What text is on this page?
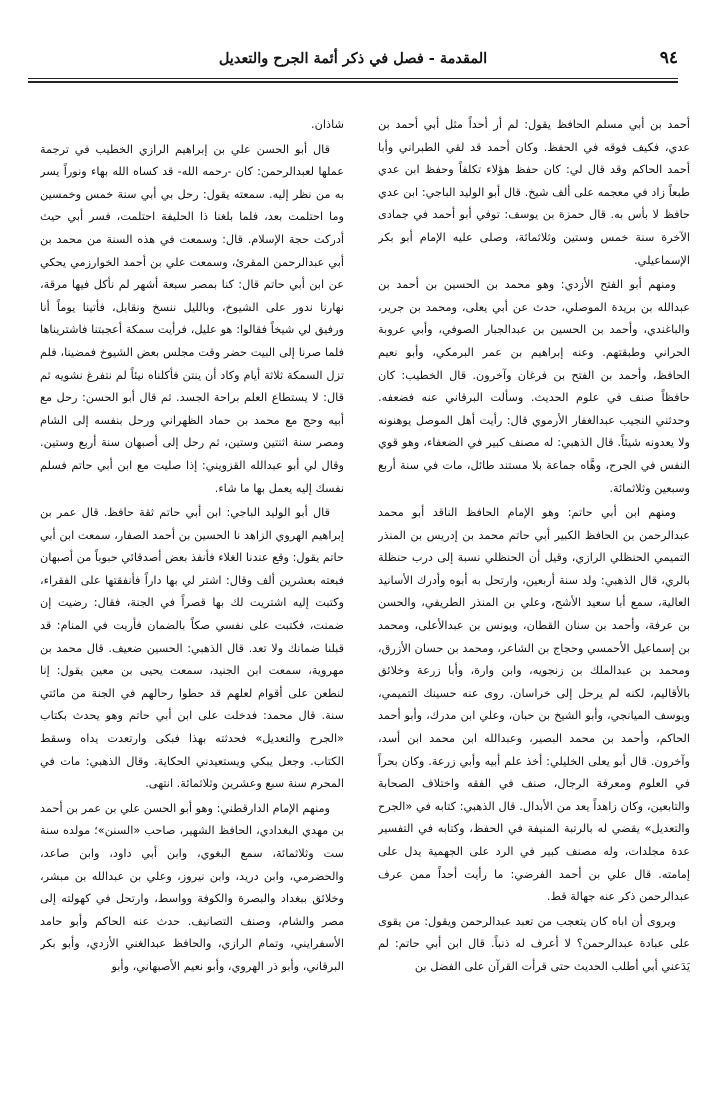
٩٤
المقدمة - فصل في ذكر أئمة الجرح والتعديل

أحمد بن أبي مسلم الحافظ يقول: لم أر أحداً مثل أبي أحمد بن عدي، فكيف فوقه في الحفظ. وكان أحمد قد لقي الطبراني وأبا أحمد الحاكم وقد قال لي: كان حفظ هؤلاء تكلفاً وحفظ ابن عدي طبعاً زاد في معجمه على ألف شيخ. قال أبو الوليد الباجي: ابن عدي حافظ لا بأس به. قال حمزة بن يوسف: توفي أبو أحمد في جمادى الآخرة سنة خمس وستين وثلاثمائة، وصلى عليه الإمام أبو بكر الإسماعيلي.

ومنهم أبو الفتح الأزدي: وهو محمد بن الحسين بن أحمد بن عبدالله بن بريدة الموصلي، حدث عن أبي يعلى، ومحمد بن جرير، والباغندي، وأحمد بن الحسين بن عبدالجبار الصوفي، وأبي عروبة الحراني وطبقتهم. وعنه إبراهيم بن عمر البرمكي، وأبو نعيم الحافظ، وأحمد بن الفتح بن فرغان وآخرون. قال الخطيب: كان حافظاً صنف في علوم الحديث. وسألت البرقاني عنه فضعفه. وحدثني النجيب عبدالغفار الأرموي قال: رأيت أهل الموصل يوهنونه ولا يعدونه شيئاً. قال الذهبي: له مصنف كبير في الضعفاء، وهو قوي النفس في الجرح، وهَّاه جماعة بلا مستند طائل، مات في سنة أربع وسبعين وثلاثمائة.

ومنهم ابن أبي حاتم: وهو الإمام الحافظ الناقد أبو محمد عبدالرحمن بن الحافظ الكبير أبي حاتم محمد بن إدريس بن المنذر التميمي الحنظلي الرازي، وقيل أن الحنظلي نسبة إلى درب حنظلة بالري، قال الذهبي: ولد سنة أربعين، وارتحل به أبوه وأدرك الأسانيد العالية، سمع أبا سعيد الأشج، وعلي بن المنذر الطريفي، والحسن بن عرفة، وأحمد بن سنان القطان، ويونس بن عبدالأعلى، ومحمد بن إسماعيل الأحمسي وحجاج بن الشاعر، ومحمد بن حسان الأزرق، ومحمد بن عبدالملك بن زنجويه، وابن وارة، وأبا زرعة وخلائق بالأقاليم، لكنه لم يرحل إلى خراسان. روى عنه حسينك التميمي، ويوسف الميانجي، وأبو الشيخ بن حبان، وعلي ابن مدرك، وأبو أحمد الحاكم، وأحمد بن محمد البصير، وعبدالله ابن محمد ابن أسد، وآخرون. قال أبو يعلى الخليلي: أخذ علم أبيه وأبي زرعة. وكان بحراً في العلوم ومعرفة الرجال، صنف في الفقه واختلاف الصحابة والتابعين، وكان زاهداً يعد من الأبدال. قال الذهبي: كتابه في «الجرح والتعديل» يقضي له بالرتبة المنيفة في الحفظ، وكتابه في التفسير عدة مجلدات، وله مصنف كبير في الرد على الجهمية يدل على إمامته. قال علي بن أحمد الفرضي: ما رأيت أحداً ممن عرف عبدالرحمن ذكر عنه جهالة قط.

ويروى أن اباه كان يتعجب من تعبد عبدالرحمن ويقول: من يقوى على عبادة عبدالرحمن؟ لا أعرف له ذنباً. قال ابن أبي حاتم: لم يَدَعني أبي أطلب الحديث حتى قرأت القرآن على الفضل بن

شاذان.

قال أبو الحسن علي بن إبراهيم الرازي الخطيب في ترجمة عملها لعبدالرحمن: كان -رحمه الله- قد كساه الله بهاء ونوراً يسر به من نظر إليه. سمعته يقول: رحل بي أبي سنة خمس وخمسين وما احتلمت بعد، فلما بلغنا ذا الحليفة احتلمت، فسر أبي حيث أدركت حجة الإسلام. قال: وسمعت في هذه السنة من محمد بن أبي عبدالرحمن المقرئ، وسمعت علي بن أحمد الخوارزمي يحكي عن ابن أبي حاتم قال: كنا بمصر سبعة أشهر لم نأكل فيها مرقة، نهارنا ندور على الشيوخ، وبالليل ننسخ ونقابل، فأتينا يوماً أنا ورفيق لي شيخاً فقالوا: هو عليل، فرأيت سمكة أعجبتنا فاشتريناها فلما صرنا إلى البيت حضر وقت مجلس بعض الشيوخ فمضينا، فلم تزل السمكة ثلاثة أيام وكاد أن ينتن فأكلناه نيئاً لم نتفرغ نشويه ثم قال: لا يستطاع العلم براحة الجسد. ثم قال أبو الحسن: رحل مع أبيه وحج مع محمد بن حماد الظهراني ورحل بنفسه إلى الشام ومصر سنة اثنتين وستين، ثم رحل إلى أصبهان سنة أربع وستين. وقال لي أبو عبدالله القزويني: إذا صليت مع ابن أبي حاتم فسلم نفسك إليه يعمل بها ما شاء.

قال أبو الوليد الباجي: ابن أبي حاتم ثقة حافظ. قال عمر بن إبراهيم الهروي الزاهد نا الحسين بن أحمد الصفار، سمعت ابن أبي حاتم يقول: وقع عندنا الغلاء فأنفذ بعض أصدقائي حبوباً من أصبهان فبعته بعشرين ألف وقال: اشتر لي بها داراً فأنفقتها على الفقراء، وكتبت إليه اشتريت لك بها قصراً في الجنة، فقال: رضيت إن ضمنت، فكتبت على نفسي صكاً بالضمان فأريت في المنام: قد قبلنا ضمانك ولا تعد. قال الذهبي: الحسين ضعيف. قال محمد بن مهروية، سمعت ابن الجنيد، سمعت يحيى بن معين يقول: إنا لنطعن على أقوام لعلهم قد حطوا رحالهم في الجنة من مائتي سنة. قال محمد: فدخلت على ابن أبي حاتم وهو يحدث بكتاب «الجرح والتعديل» فحدثته بهذا فبكى وارتعدت يداه وسقط الكتاب. وجعل يبكي ويستعيدني الحكاية. وقال الذهبي: مات في المحرم سنة سبع وعشرين وثلاثمائة. انتهى.

ومنهم الإمام الدارقطني: وهو أبو الحسن علي بن عمر بن أحمد بن مهدي البغدادي، الحافظ الشهير، صاحب «السنن»؛ مولده سنة ست وثلاثمائة، سمع البغوي، وابن أبي داود، وابن صاعد، والحضرمي، وابن دريد، وابن نيروز، وعلي بن عبدالله بن مبشر، وخلائق ببغداد والبصرة والكوفة وواسط، وارتحل في كهولته إلى مصر والشام، وصنف التصانيف. حدث عنه الحاكم وأبو حامد الأسفرايني، وتمام الرازي، والحافظ عبدالغني الأزدي، وأبو بكر البرقاني، وأبو ذر الهروي، وأبو نعيم الأصبهاني، وأبو
